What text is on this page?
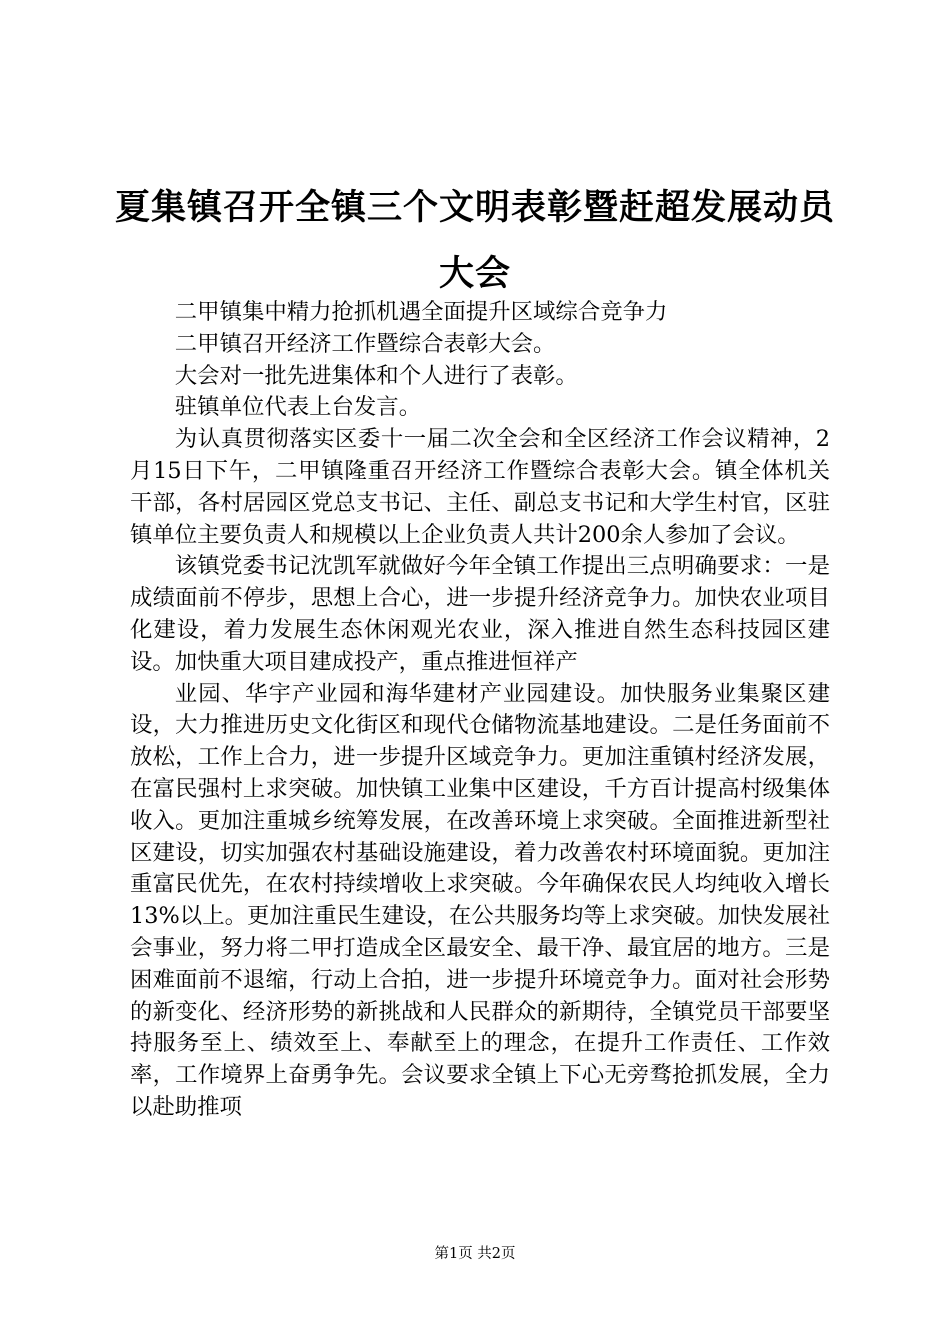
夏集镇召开全镇三个文明表彰暨赶超发展动员大会

二甲镇集中精力抢抓机遇全面提升区域综合竞争力

二甲镇召开经济工作暨综合表彰大会。

大会对一批先进集体和个人进行了表彰。

驻镇单位代表上台发言。

为认真贯彻落实区委十一届二次全会和全区经济工作会议精神，2月15日下午，二甲镇隆重召开经济工作暨综合表彰大会。镇全体机关干部，各村居园区党总支书记、主任、副总支书记和大学生村官，区驻镇单位主要负责人和规模以上企业负责人共计200余人参加了会议。

该镇党委书记沈凯军就做好今年全镇工作提出三点明确要求：一是成绩面前不停步，思想上合心，进一步提升经济竞争力。加快农业项目化建设，着力发展生态休闲观光农业，深入推进自然生态科技园区建设。加快重大项目建成投产，重点推进恒祥产

业园、华宇产业园和海华建材产业园建设。加快服务业集聚区建设，大力推进历史文化街区和现代仓储物流基地建设。二是任务面前不放松，工作上合力，进一步提升区域竞争力。更加注重镇村经济发展，在富民强村上求突破。加快镇工业集中区建设，千方百计提高村级集体收入。更加注重城乡统筹发展，在改善环境上求突破。全面推进新型社区建设，切实加强农村基础设施建设，着力改善农村环境面貌。更加注重富民优先，在农村持续增收上求突破。今年确保农民人均纯收入增长13%以上。更加注重民生建设，在公共服务均等上求突破。加快发展社会事业，努力将二甲打造成全区最安全、最干净、最宜居的地方。三是困难面前不退缩，行动上合拍，进一步提升环境竞争力。面对社会形势的新变化、经济形势的新挑战和人民群众的新期待，全镇党员干部要坚持服务至上、绩效至上、奉献至上的理念，在提升工作责任、工作效率，工作境界上奋勇争先。会议要求全镇上下心无旁骛抢抓发展，全力以赴助推项

第1页 共2页
